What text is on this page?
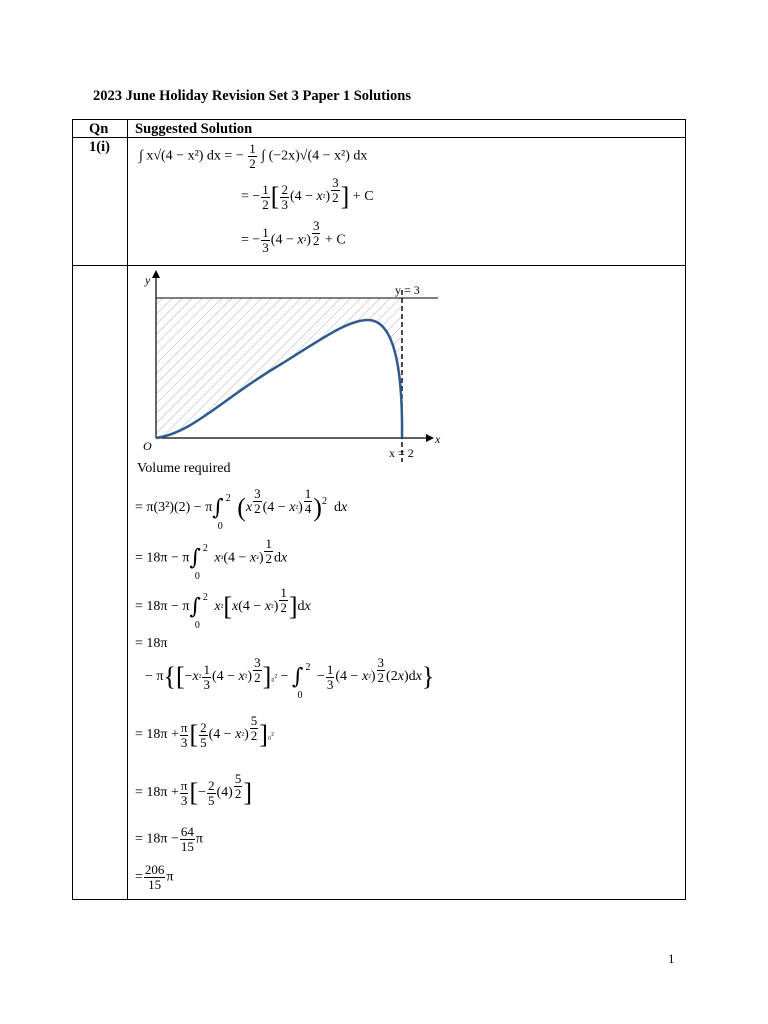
2023 June Holiday Revision Set 3 Paper 1 Solutions
Qn Suggested Solution
1(i)
∫ x√(4 − x²) dx = − $\frac{1}{2}$ ∫ (−2x)√(4 − x²) dx
= − $\frac{1}{2}$ [ $\frac{2}{3} (4 - x^2) \frac{3}{2}$ ] + C
= − $\frac{1}{3} (4 - x^2) \frac{3}{2} + C$
y
x
O
y = 3
x = 2
Volume required
= π(3²)(2) − π∫ 2
0
$(x \frac{3}{2} (4 - x^2) \frac{1}{4} )^2$  dx
= 18π − π∫ 2
0
$x^3(4 - x^2) \frac{1}{2}$ dx
= 18π − π∫ 2
0
$x^2[x(4 - x^2) \frac{1}{2} ]dx$
= 18π
− $\pi\{[-x^2 \frac{1}{3} (4 - x^2) \frac{3}{2} ]_0^2$ − ∫ 2
0
− $\frac{1}{3} (4 - x^2) \frac{3}{2} (2x)dx$}
= $18\pi + \frac{\pi}{3}$ [ $\frac{2}{5} (4 - x^2) \frac{5}{2} ]_0^2$
= $18\pi + \frac{\pi}{3}$ [− $\frac{2}{5} (4) \frac{5}{2}$ ]
= $18\pi - \frac{64}{15}$ π
= $\frac{206}{15}$ π
1
